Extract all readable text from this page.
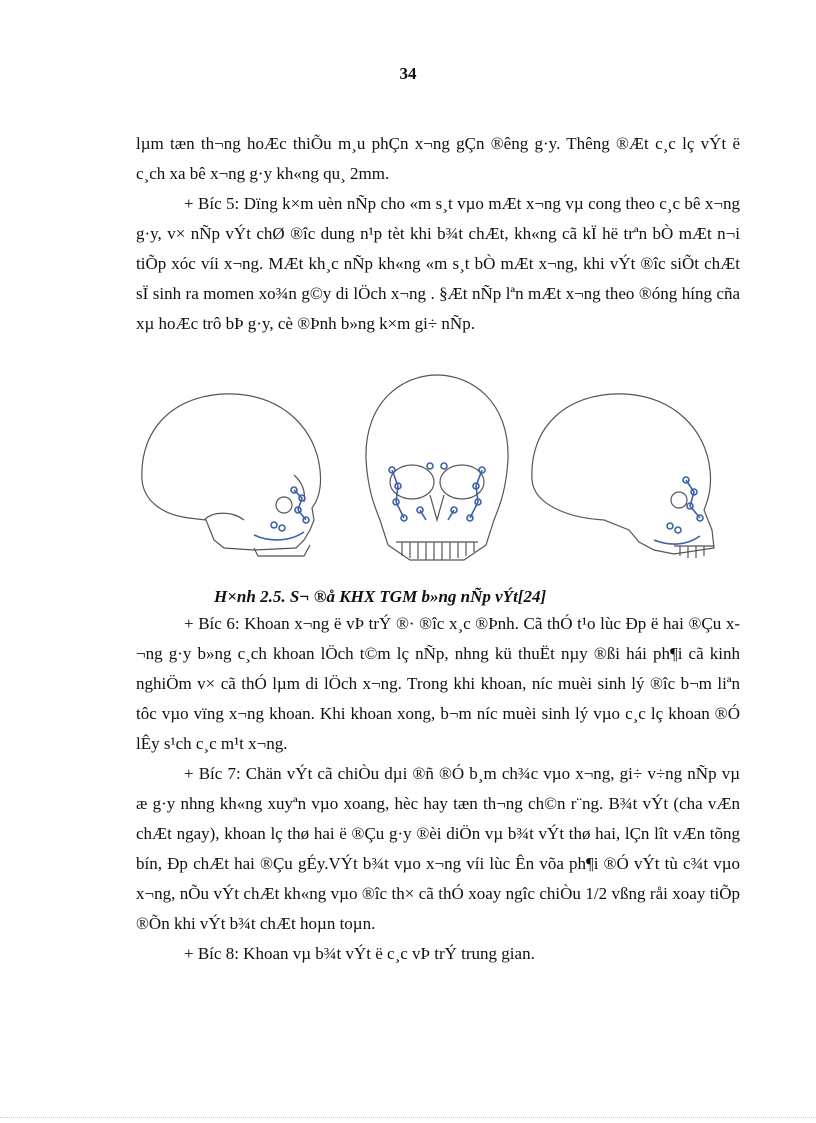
34

lµm tæn th¬ng hoÆc thiÕu m¸u phÇn x¬ng gÇn ®êng g·y. Thêng ®Æt c¸c lç vÝt ë c¸ch xa bê x¬ng g·y kh«ng qu¸ 2mm.

+ Bíc 5: Dïng k×m uèn nÑp cho «m s¸t vµo mÆt x¬ng vµ cong theo c¸c bê x¬ng g·y, v× nÑp vÝt chØ ®îc dung n¹p tèt khi b¾t chÆt, kh«ng cã kÏ hë trªn bÒ mÆt n¬i tiÕp xóc víi x¬ng. MÆt kh¸c nÑp kh«ng «m s¸t bÒ mÆt x¬ng, khi vÝt ®îc siÕt chÆt sÏ sinh ra momen xo¾n g©y di lÖch x¬ng . §Æt nÑp lªn mÆt x¬ng theo ®óng híng cña xµ hoÆc trô bÞ g·y, cè ®Þnh b»ng k×m gi÷ nÑp.

H×nh 2.5. S¬ ®å KHX TGM b»ng nÑp vÝt[24]

+ Bíc 6: Khoan x¬ng ë vÞ trÝ ®· ®îc x¸c ®Þnh. Cã thÓ t¹o lùc Ðp ë hai ®Çu x¬ng g·y b»ng c¸ch khoan lÖch t©m lç nÑp, nhng kü thuËt nµy ®ßi hái ph¶i cã kinh nghiÖm v× cã thÓ lµm di lÖch x¬ng. Trong khi khoan, níc muèi sinh lý ®îc b¬m liªn tôc vµo vïng x¬ng khoan. Khi khoan xong, b¬m níc muèi sinh lý vµo c¸c lç khoan ®Ó lÊy s¹ch c¸c m¹t x¬ng.

+ Bíc 7: Chän vÝt cã chiÒu dµi ®ñ ®Ó b¸m ch¾c vµo x¬ng, gi÷ v÷ng nÑp vµ æ g·y nhng kh«ng xuyªn vµo xoang, hèc hay tæn th¬ng ch©n r¨ng. B¾t vÝt (cha vÆn chÆt ngay), khoan lç thø hai ë ®Çu g·y ®èi diÖn vµ b¾t vÝt thø hai, lÇn lît vÆn tõng bín, Ðp chÆt hai ®Çu gÉy.VÝt b¾t vµo x¬ng víi lùc Ên võa ph¶i ®Ó vÝt tù c¾t vµo x¬ng, nÕu vÝt chÆt kh«ng vµo ®îc th× cã thÓ xoay ngîc chiÒu 1/2 vßng råi xoay tiÕp ®Õn khi vÝt b¾t chÆt hoµn toµn.

+ Bíc 8: Khoan vµ b¾t vÝt ë c¸c vÞ trÝ trung gian.
